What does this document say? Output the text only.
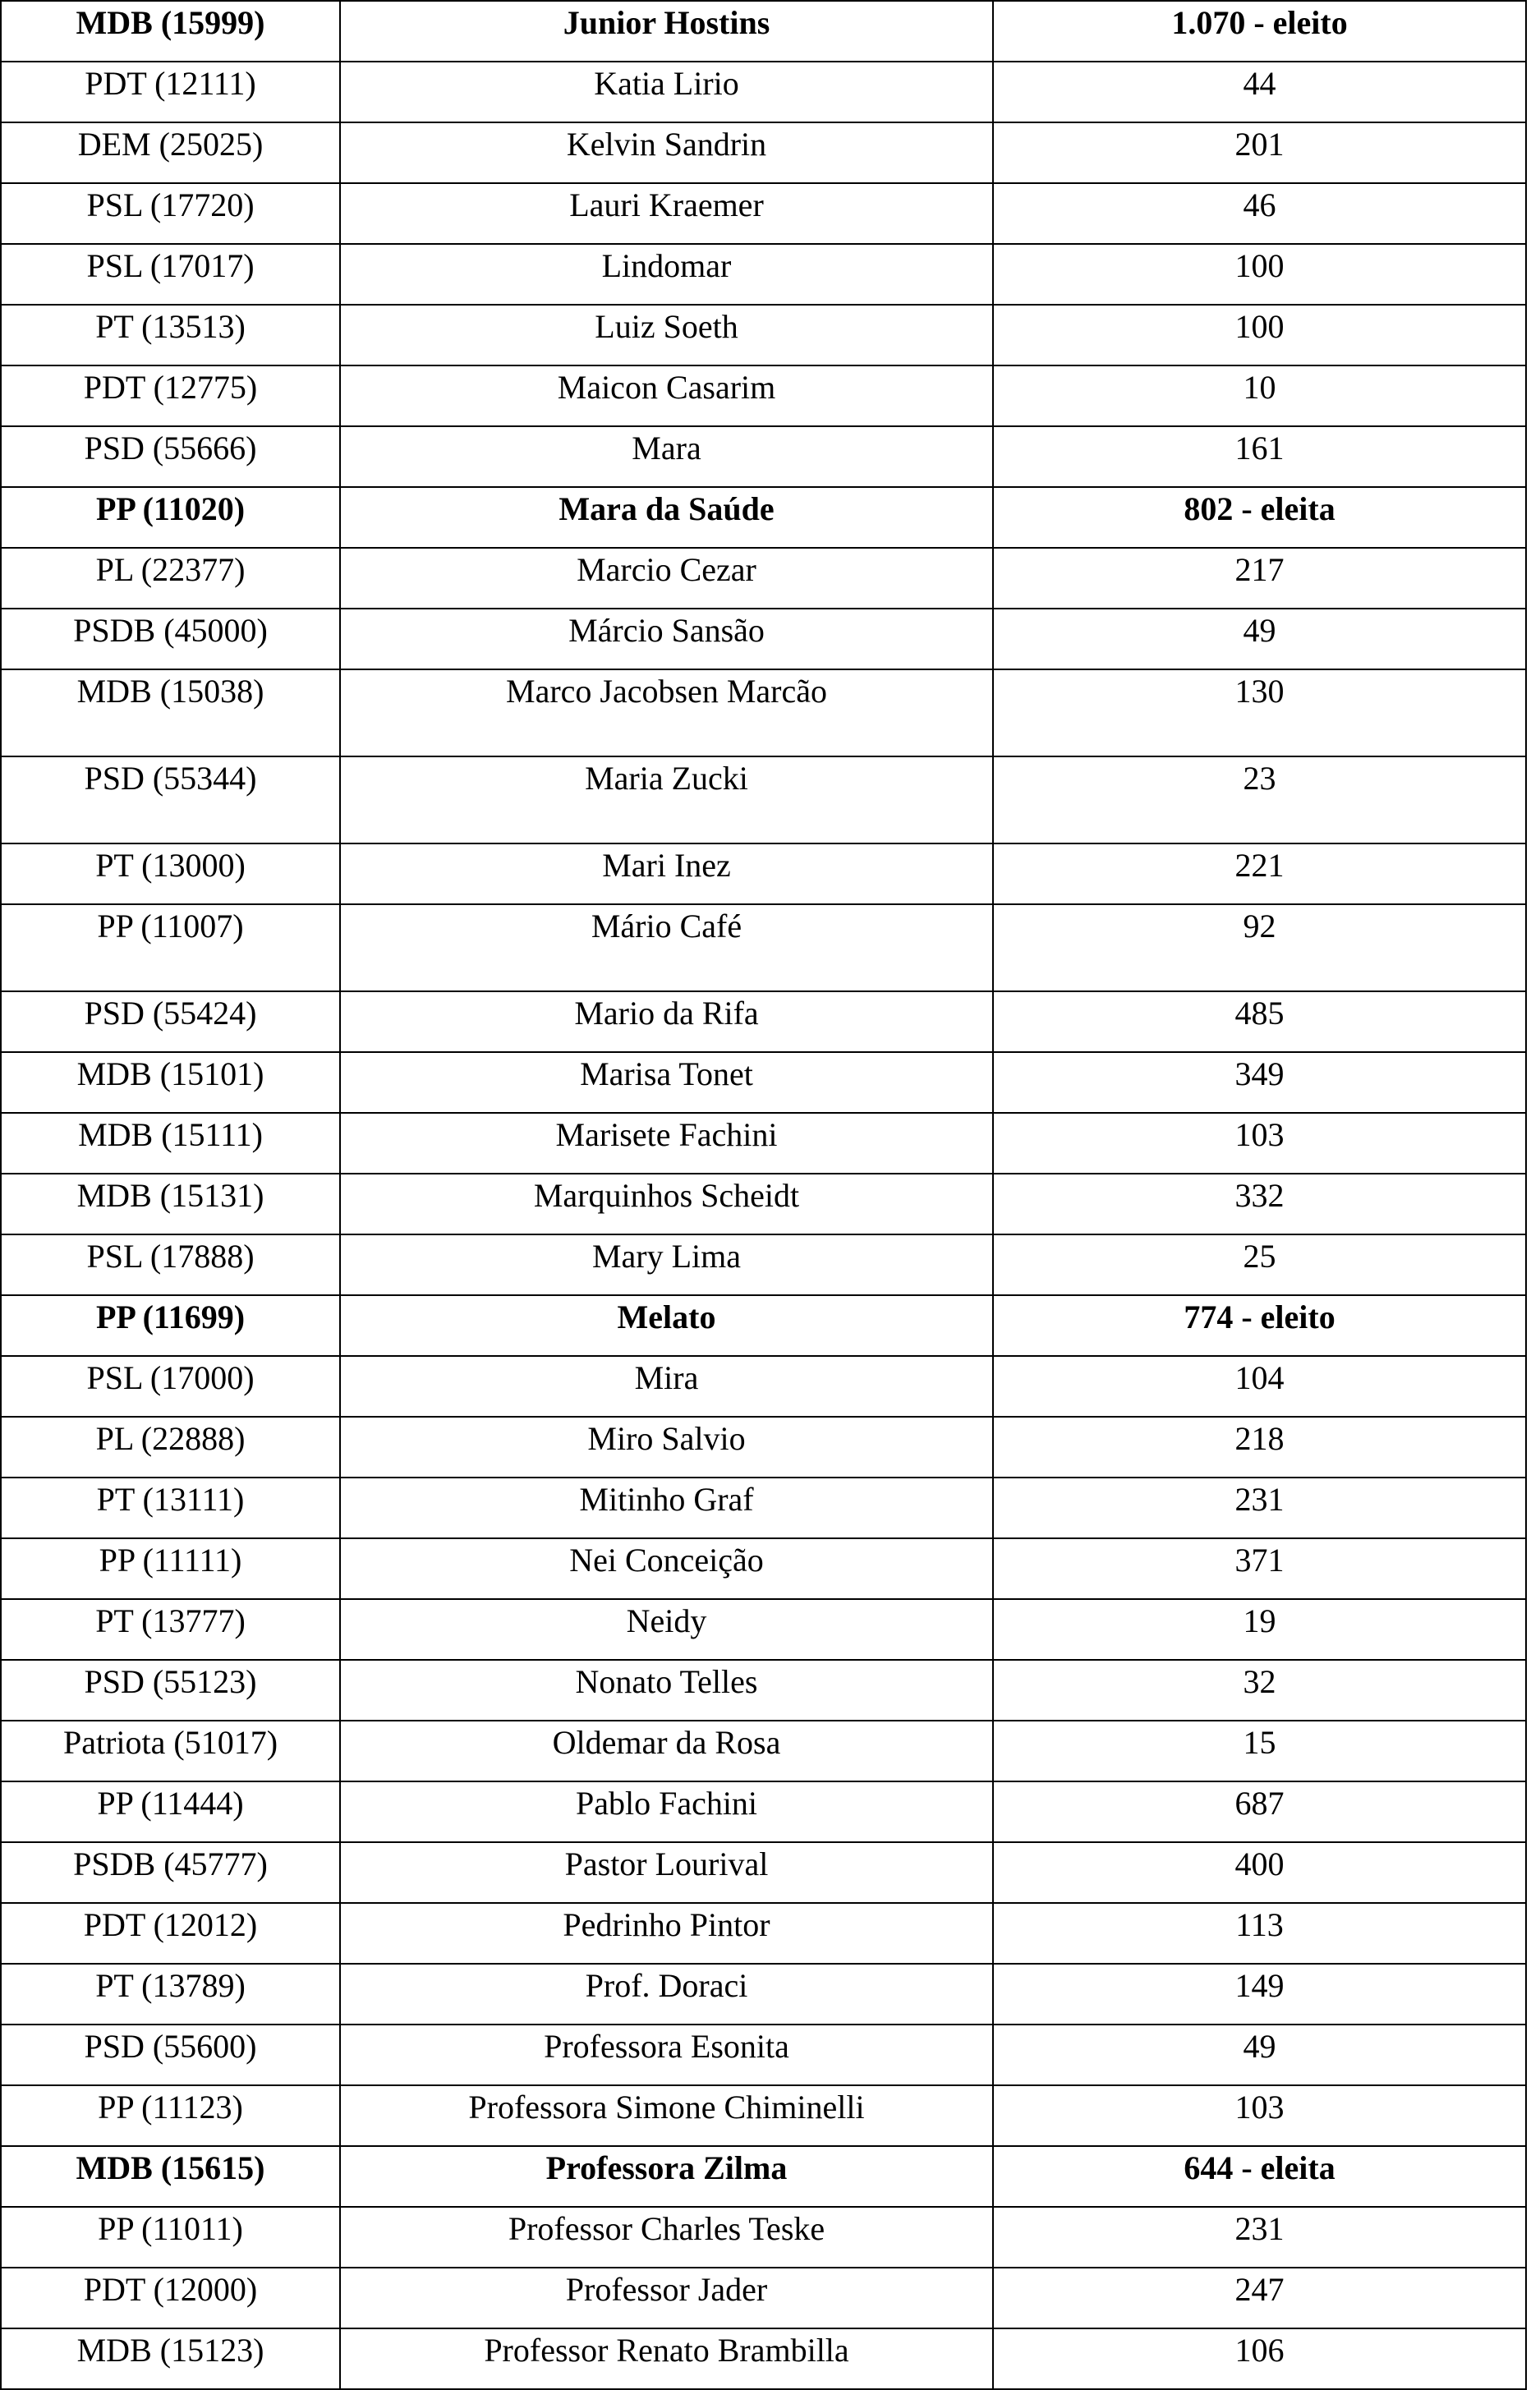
MDB (15999)	Junior Hostins	1.070 - eleito

PDT (12111)	Katia Lirio	44

DEM (25025)	Kelvin Sandrin	201

PSL (17720)	Lauri Kraemer	46

PSL (17017)	Lindomar	100

PT (13513)	Luiz Soeth	100

PDT (12775)	Maicon Casarim	10

PSD (55666)	Mara	161

PP (11020)	Mara da Saúde	802 - eleita

PL (22377)	Marcio Cezar	217

PSDB (45000)	Márcio Sansão	49

MDB (15038)	Marco Jacobsen Marcão	130

PSD (55344)	Maria Zucki	23

PT (13000)	Mari Inez	221

PP (11007)	Mário Café	92

PSD (55424)	Mario da Rifa	485

MDB (15101)	Marisa Tonet	349

MDB (15111)	Marisete Fachini	103

MDB (15131)	Marquinhos Scheidt	332

PSL (17888)	Mary Lima	25

PP (11699)	Melato	774 - eleito

PSL (17000)	Mira	104

PL (22888)	Miro Salvio	218

PT (13111)	Mitinho Graf	231

PP (11111)	Nei Conceição	371

PT (13777)	Neidy	19

PSD (55123)	Nonato Telles	32

Patriota (51017)	Oldemar da Rosa	15

PP (11444)	Pablo Fachini	687

PSDB (45777)	Pastor Lourival	400

PDT (12012)	Pedrinho Pintor	113

PT (13789)	Prof. Doraci	149

PSD (55600)	Professora Esonita	49

PP (11123)	Professora Simone Chiminelli	103

MDB (15615)	Professora Zilma	644 - eleita

PP (11011)	Professor Charles Teske	231

PDT (12000)	Professor Jader	247

MDB (15123)	Professor Renato Brambilla	106
